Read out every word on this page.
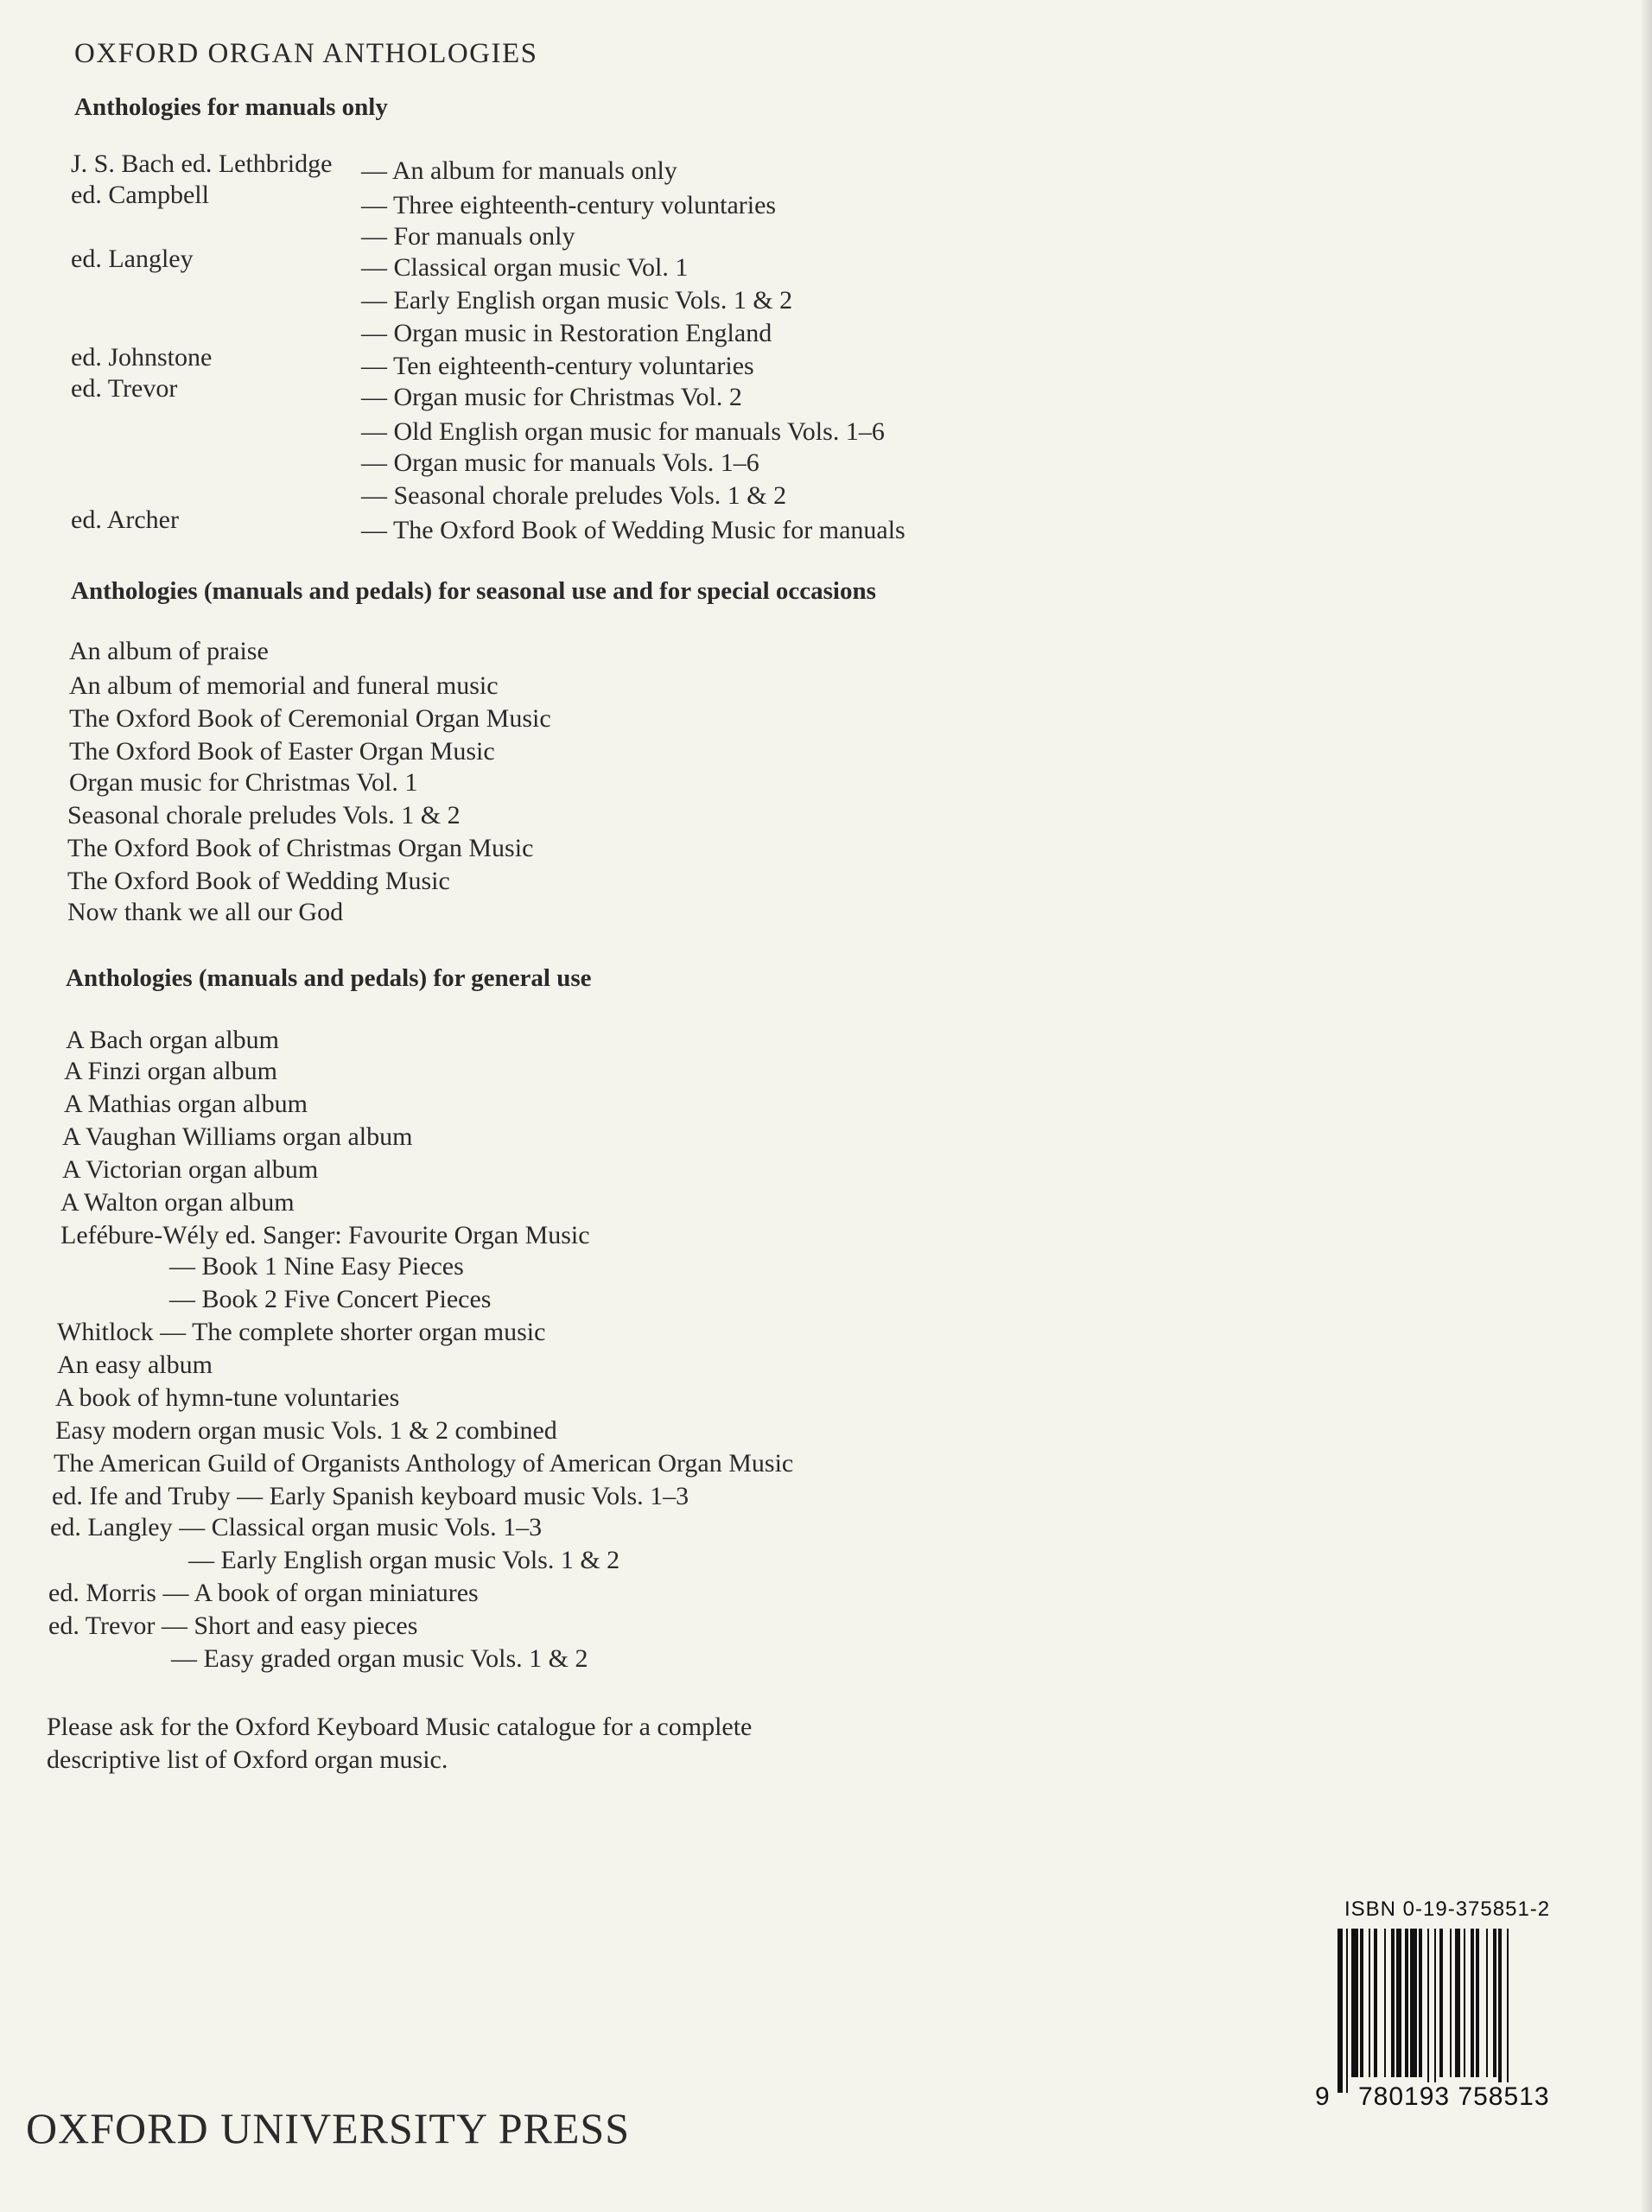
OXFORD ORGAN ANTHOLOGIES
Anthologies for manuals only
J. S. Bach ed. Lethbridge
ed. Campbell
ed. Langley
ed. Johnstone
ed. Trevor
ed. Archer
— An album for manuals only
— Three eighteenth-century voluntaries
— For manuals only
— Classical organ music Vol. 1
— Early English organ music Vols. 1 & 2
— Organ music in Restoration England
— Ten eighteenth-century voluntaries
— Organ music for Christmas Vol. 2
— Old English organ music for manuals Vols. 1–6
— Organ music for manuals Vols. 1–6
— Seasonal chorale preludes Vols. 1 & 2
— The Oxford Book of Wedding Music for manuals
Anthologies (manuals and pedals) for seasonal use and for special occasions
An album of praise
An album of memorial and funeral music
The Oxford Book of Ceremonial Organ Music
The Oxford Book of Easter Organ Music
Organ music for Christmas Vol. 1
Seasonal chorale preludes Vols. 1 & 2
The Oxford Book of Christmas Organ Music
The Oxford Book of Wedding Music
Now thank we all our God
Anthologies (manuals and pedals) for general use
A Bach organ album
A Finzi organ album
A Mathias organ album
A Vaughan Williams organ album
A Victorian organ album
A Walton organ album
Lefébure-Wély ed. Sanger: Favourite Organ Music
— Book 1 Nine Easy Pieces
— Book 2 Five Concert Pieces
Whitlock — The complete shorter organ music
An easy album
A book of hymn-tune voluntaries
Easy modern organ music Vols. 1 & 2 combined
The American Guild of Organists Anthology of American Organ Music
ed. Ife and Truby — Early Spanish keyboard music Vols. 1–3
ed. Langley — Classical organ music Vols. 1–3
— Early English organ music Vols. 1 & 2
ed. Morris — A book of organ miniatures
ed. Trevor — Short and easy pieces
— Easy graded organ music Vols. 1 & 2
Please ask for the Oxford Keyboard Music catalogue for a complete
descriptive list of Oxford organ music.
ISBN 0-19-375851-2
9 780193 758513
OXFORD UNIVERSITY PRESS
